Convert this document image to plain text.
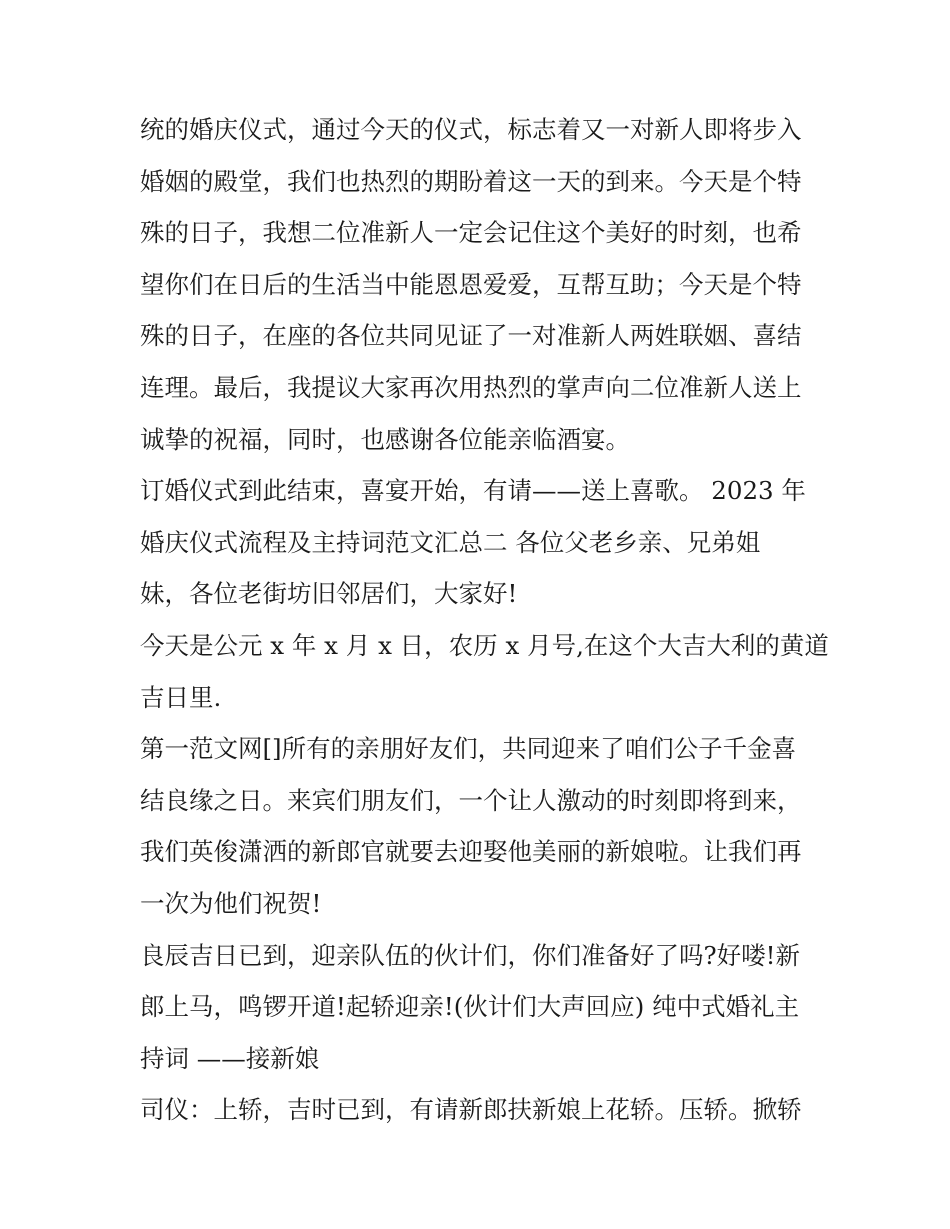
统的婚庆仪式，通过今天的仪式，标志着又一对新人即将步入
婚姻的殿堂，我们也热烈的期盼着这一天的到来。今天是个特
殊的日子，我想二位准新人一定会记住这个美好的时刻，也希
望你们在日后的生活当中能恩恩爱爱，互帮互助；今天是个特
殊的日子，在座的各位共同见证了一对准新人两姓联姻、喜结
连理。最后，我提议大家再次用热烈的掌声向二位准新人送上
诚挚的祝福，同时，也感谢各位能亲临酒宴。
订婚仪式到此结束，喜宴开始，有请——送上喜歌。 2023 年
婚庆仪式流程及主持词范文汇总二 各位父老乡亲、兄弟姐
妹，各位老街坊旧邻居们，大家好!
今天是公元 x 年 x 月 x 日，农历 x 月号,在这个大吉大利的黄道
吉日里.
第一范文网[]所有的亲朋好友们，共同迎来了咱们公子千金喜
结良缘之日。来宾们朋友们，一个让人激动的时刻即将到来，
我们英俊潇洒的新郎官就要去迎娶他美丽的新娘啦。让我们再
一次为他们祝贺!
良辰吉日已到，迎亲队伍的伙计们，你们准备好了吗?好喽!新
郎上马，鸣锣开道!起轿迎亲!(伙计们大声回应) 纯中式婚礼主
持词 ——接新娘
司仪：上轿，吉时已到，有请新郎扶新娘上花轿。压轿。掀轿
